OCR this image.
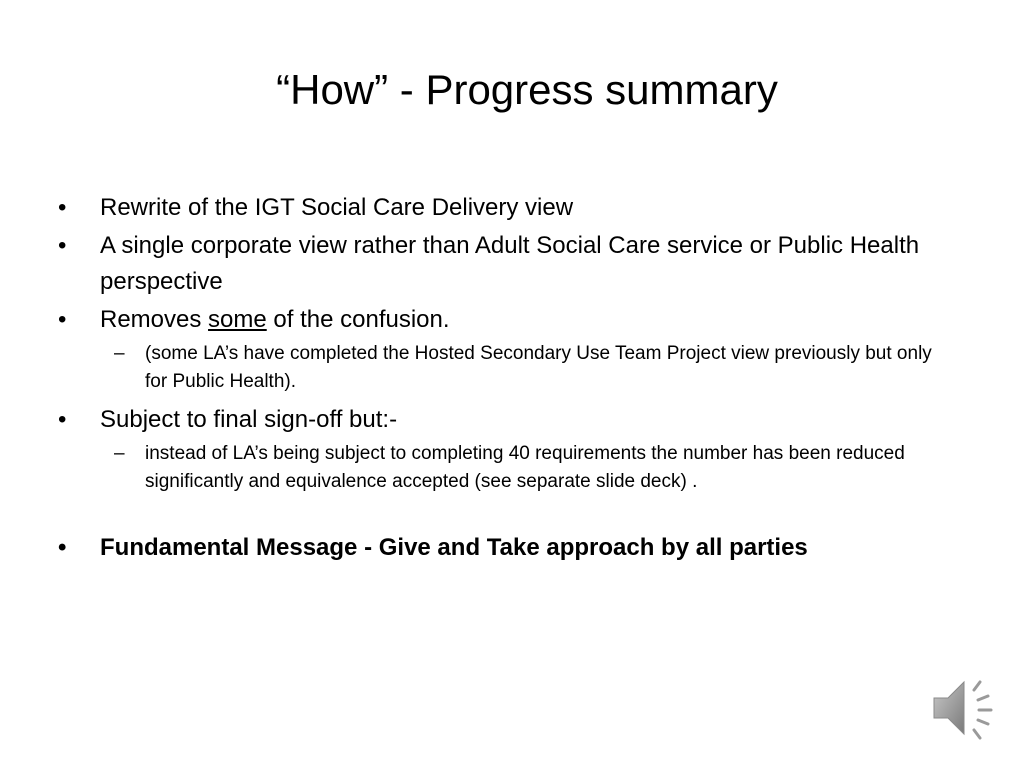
“How” - Progress summary
• Rewrite of the IGT Social Care Delivery view
• A single corporate view rather than Adult Social Care service or Public Health perspective
• Removes some of the confusion.
– (some LA’s have completed the Hosted Secondary Use Team Project view previously but only for Public Health).
• Subject to final sign-off but:-
– instead of LA’s being subject to completing 40 requirements the number has been reduced significantly and equivalence accepted (see separate slide deck) .
• Fundamental Message - Give and Take approach by all parties
